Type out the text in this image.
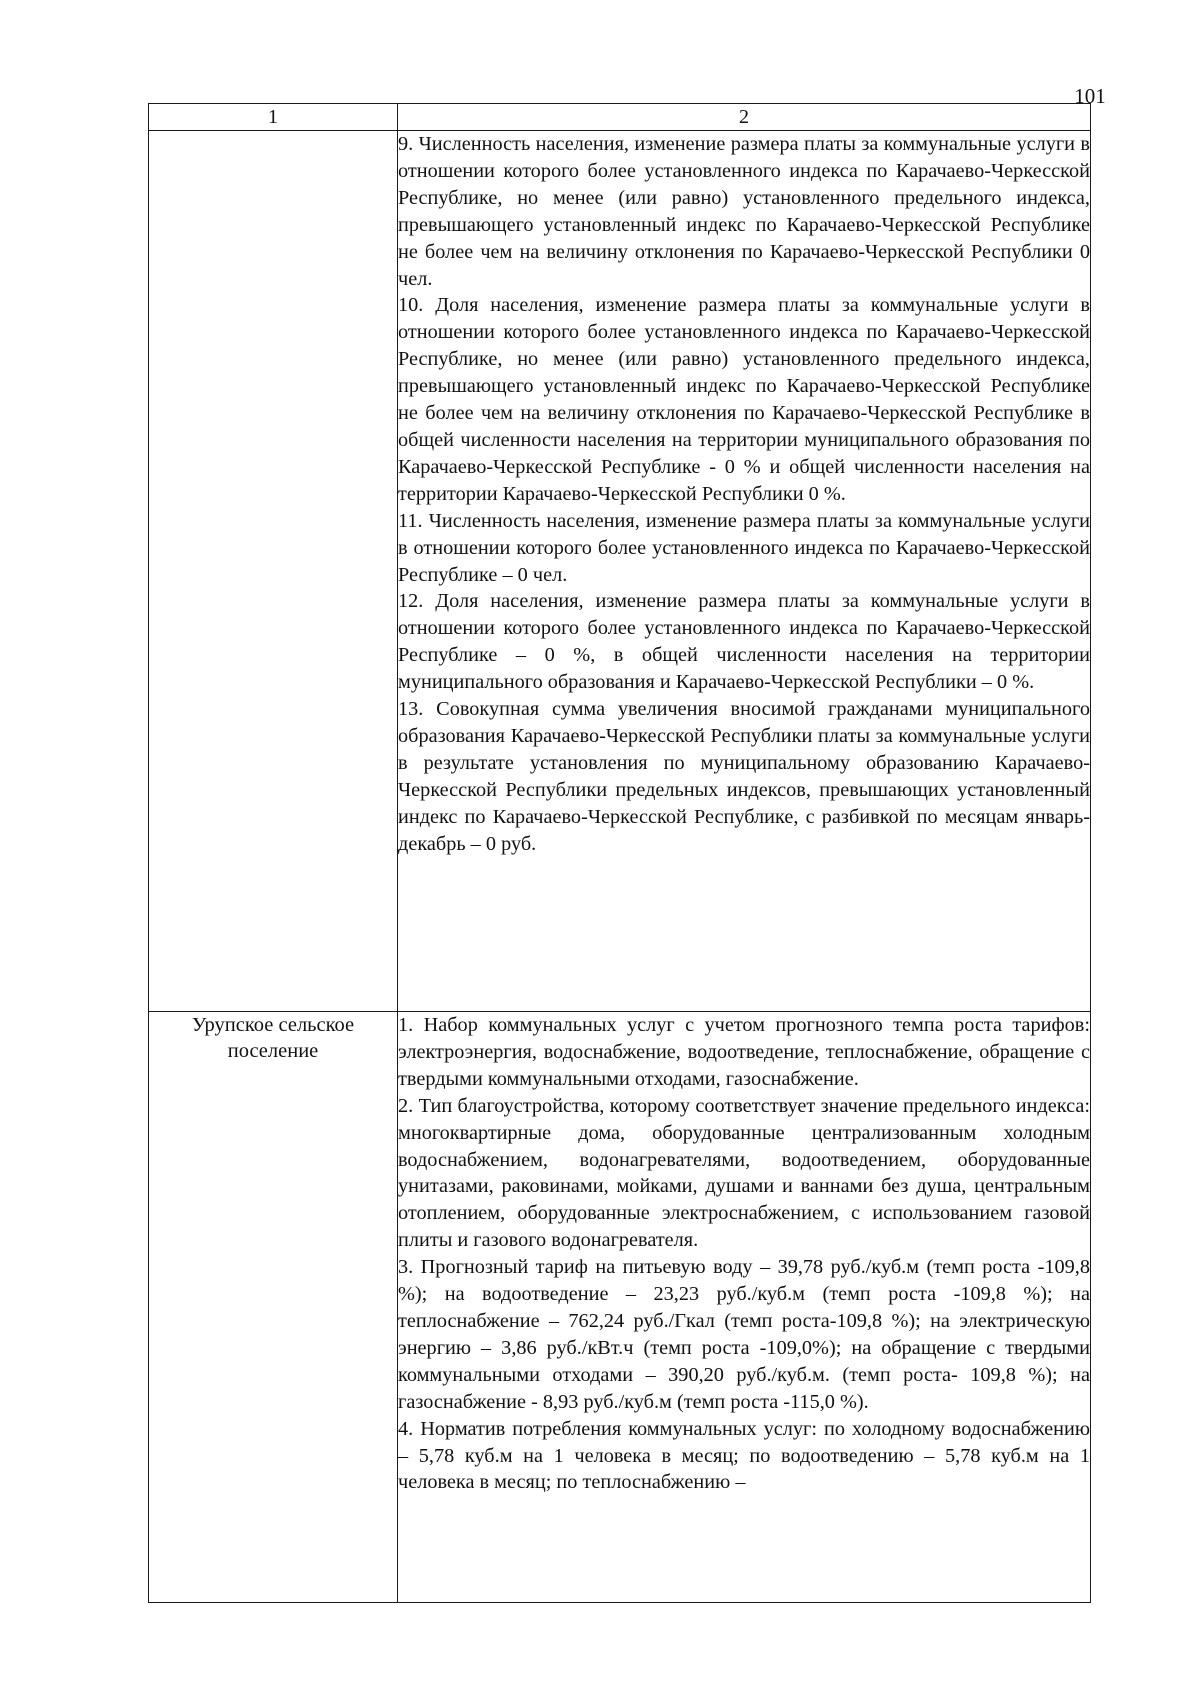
101
1	2

	9. Численность населения, изменение размера платы за коммунальные услуги в отношении которого более установленного индекса по Карачаево-Черкесской Республике, но менее (или равно) установленного предельного индекса, превышающего установленный индекс по Карачаево-Черкесской Республике не более чем на величину отклонения по Карачаево-Черкесской Республики 0 чел.

10. Доля населения, изменение размера платы за коммунальные услуги в отношении которого более установленного индекса по Карачаево-Черкесской Республике, но менее (или равно) установленного предельного индекса, превышающего установленный индекс по Карачаево-Черкесской Республике не более чем на величину отклонения по Карачаево-Черкесской Республике в общей численности населения на территории муниципального образования по Карачаево-Черкесской Республике - 0 % и общей численности населения на территории Карачаево-Черкесской Республики 0 %.

11. Численность населения, изменение размера платы за коммунальные услуги в отношении которого более установленного индекса по Карачаево-Черкесской Республике – 0 чел.

12. Доля населения, изменение размера платы за коммунальные услуги в отношении которого более установленного индекса по Карачаево-Черкесской Республике – 0 %, в общей численности населения на территории муниципального образования и Карачаево-Черкесской Республики – 0 %.

13. Совокупная сумма увеличения вносимой гражданами муниципального образования Карачаево-Черкесской Республики платы за коммунальные услуги в результате установления по муниципальному образованию Карачаево-Черкесской Республики предельных индексов, превышающих установленный индекс по Карачаево-Черкесской Республике, с разбивкой по месяцам январь-декабрь – 0 руб.

Урупское сельское поселение	1. Набор коммунальных услуг с учетом прогнозного темпа роста тарифов: электроэнергия, водоснабжение, водоотведение, теплоснабжение, обращение с твердыми коммунальными отходами, газоснабжение.

2. Тип благоустройства, которому соответствует значение предельного индекса: многоквартирные дома, оборудованные централизованным холодным водоснабжением, водонагревателями, водоотведением, оборудованные унитазами, раковинами, мойками, душами и ваннами без душа, центральным отоплением, оборудованные электроснабжением, с использованием газовой плиты и газового водонагревателя.

3. Прогнозный тариф на питьевую воду – 39,78 руб./куб.м (темп роста -109,8 %); на водоотведение – 23,23 руб./куб.м (темп роста -109,8 %); на теплоснабжение – 762,24 руб./Гкал (темп роста-109,8 %); на электрическую энергию – 3,86 руб./кВт.ч (темп роста -109,0%); на обращение с твердыми коммунальными отходами – 390,20 руб./куб.м. (темп роста- 109,8 %); на газоснабжение - 8,93 руб./куб.м (темп роста -115,0 %).

4. Норматив потребления коммунальных услуг: по холодному водоснабжению – 5,78 куб.м на 1 человека в месяц; по водоотведению – 5,78 куб.м на 1 человека в месяц; по теплоснабжению –
